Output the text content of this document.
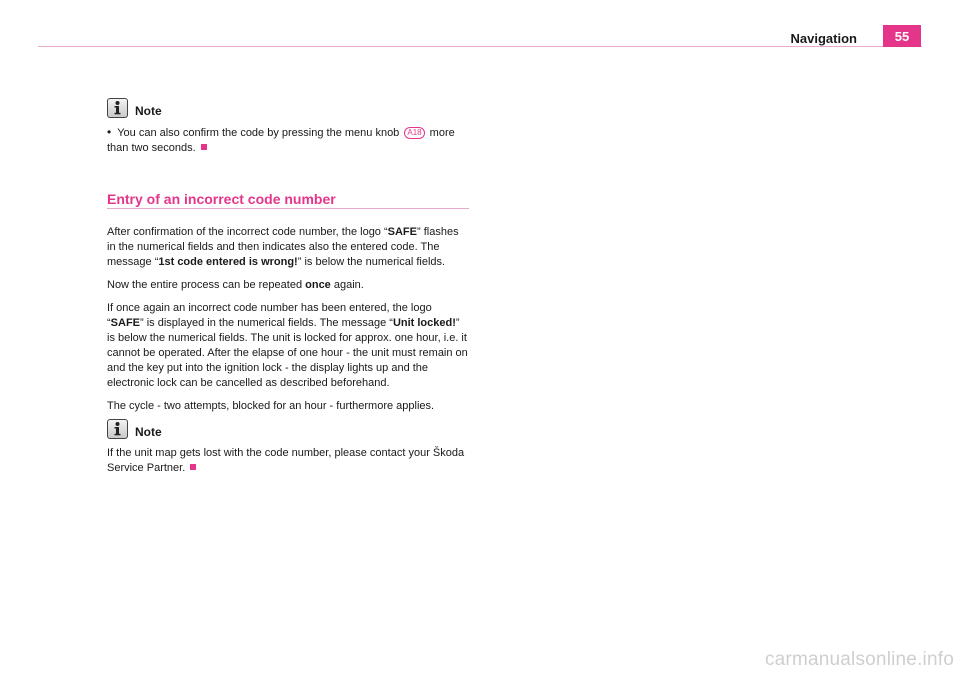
Navigation	55
Note

• You can also confirm the code by pressing the menu knob A18 more than two seconds.

Entry of an incorrect code number

After confirmation of the incorrect code number, the logo “SAFE” flashes in the numerical fields and then indicates also the entered code. The message “1st code entered is wrong!” is below the numerical fields.

Now the entire process can be repeated once again.

If once again an incorrect code number has been entered, the logo “SAFE” is displayed in the numerical fields. The message “Unit locked!” is below the numerical fields. The unit is locked for approx. one hour, i.e. it cannot be operated. After the elapse of one hour - the unit must remain on and the key put into the ignition lock - the display lights up and the electronic lock can be cancelled as described beforehand.

The cycle - two attempts, blocked for an hour - furthermore applies.

Note

If the unit map gets lost with the code number, please contact your Škoda Service Partner.

carmanualsonline.info
